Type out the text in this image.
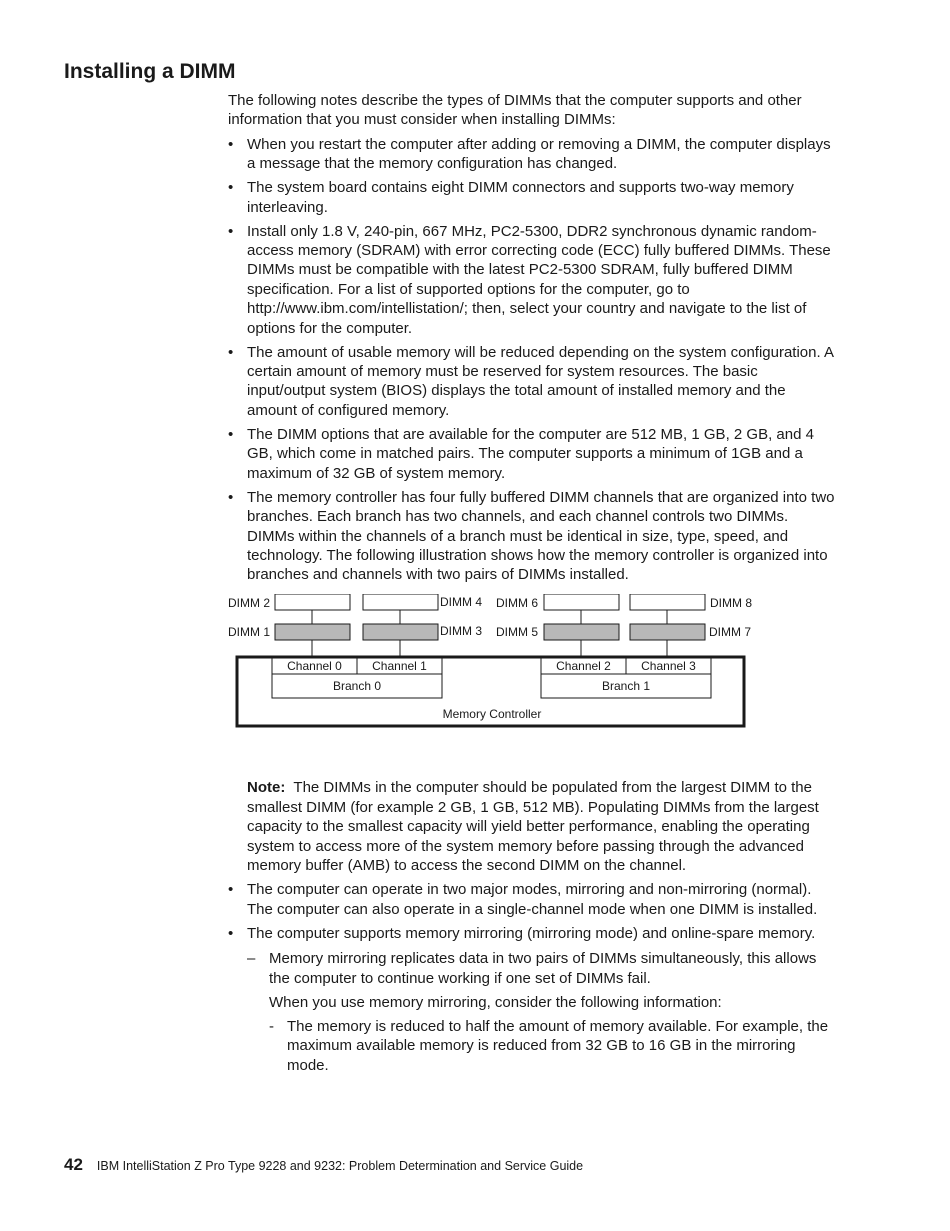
Installing a DIMM

The following notes describe the types of DIMMs that the computer supports and other information that you must consider when installing DIMMs:

• When you restart the computer after adding or removing a DIMM, the computer displays a message that the memory configuration has changed.
• The system board contains eight DIMM connectors and supports two-way memory interleaving.
• Install only 1.8 V, 240-pin, 667 MHz, PC2-5300, DDR2 synchronous dynamic random-access memory (SDRAM) with error correcting code (ECC) fully buffered DIMMs. These DIMMs must be compatible with the latest PC2-5300 SDRAM, fully buffered DIMM specification. For a list of supported options for the computer, go to http://www.ibm.com/intellistation/; then, select your country and navigate to the list of options for the computer.
• The amount of usable memory will be reduced depending on the system configuration. A certain amount of memory must be reserved for system resources. The basic input/output system (BIOS) displays the total amount of installed memory and the amount of configured memory.
• The DIMM options that are available for the computer are 512 MB, 1 GB, 2 GB, and 4 GB, which come in matched pairs. The computer supports a minimum of 1GB and a maximum of 32 GB of system memory.
• The memory controller has four fully buffered DIMM channels that are organized into two branches. Each branch has two channels, and each channel controls two DIMMs. DIMMs within the channels of a branch must be identical in size, type, speed, and technology. The following illustration shows how the memory controller is organized into branches and channels with two pairs of DIMMs installed.
DIMM 2
DIMM 1
DIMM 4
DIMM 3
DIMM 6
DIMM 5
DIMM 8
DIMM 7
Channel 0	Channel 1
Branch 0
Channel 2	Channel 3
Branch 1
Memory Controller

Note: The DIMMs in the computer should be populated from the largest DIMM to the smallest DIMM (for example 2 GB, 1 GB, 512 MB). Populating DIMMs from the largest capacity to the smallest capacity will yield better performance, enabling the operating system to access more of the system memory before passing through the advanced memory buffer (AMB) to access the second DIMM on the channel.

• The computer can operate in two major modes, mirroring and non-mirroring (normal). The computer can also operate in a single-channel mode when one DIMM is installed.
• The computer supports memory mirroring (mirroring mode) and online-spare memory.
– Memory mirroring replicates data in two pairs of DIMMs simultaneously, this allows the computer to continue working if one set of DIMMs fail.

When you use memory mirroring, consider the following information:

- The memory is reduced to half the amount of memory available. For example, the maximum available memory is reduced from 32 GB to 16 GB in the mirroring mode.
42 IBM IntelliStation Z Pro Type 9228 and 9232: Problem Determination and Service Guide
